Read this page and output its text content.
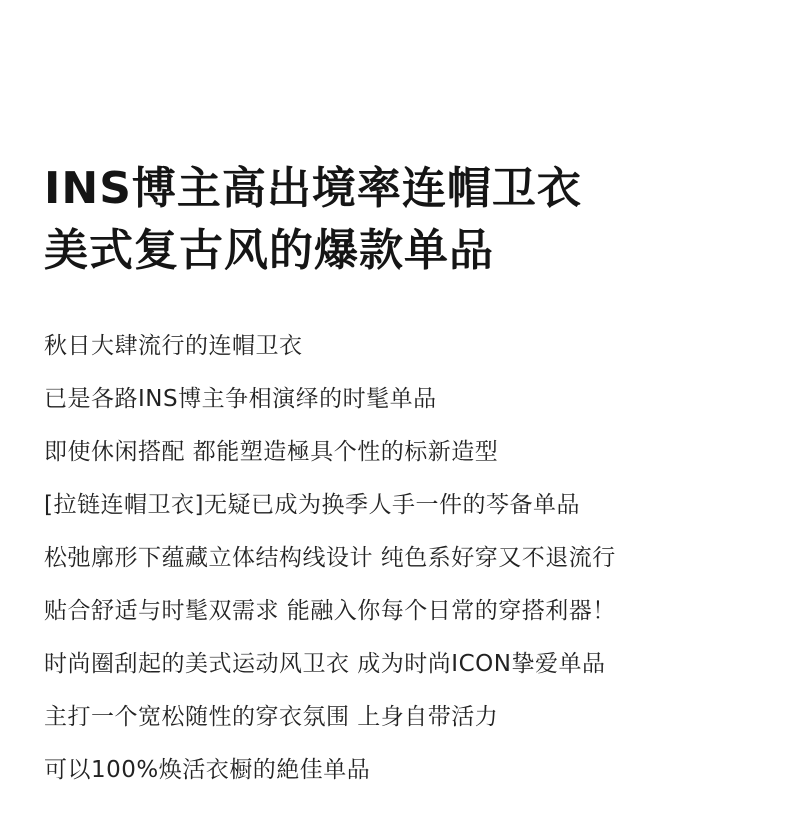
INS博主高出境率连帽卫衣
美式复古风的爆款单品
秋日大肆流行的连帽卫衣
已是各路INS博主争相演绎的时髦单品
即使休闲搭配 都能塑造極具个性的标新造型
[拉链连帽卫衣]无疑已成为换季人手一件的芩备单品
松弛廓形下蕴藏立体结构线设计 纯色系好穿又不退流行
贴合舒适与时髦双需求 能融入你每个日常的穿搭利器！
时尚圈刮起的美式运动风卫衣 成为时尚ICON挚爱单品
主打一个宽松随性的穿衣氛围 上身自带活力
可以100%焕活衣橱的絶佳单品
